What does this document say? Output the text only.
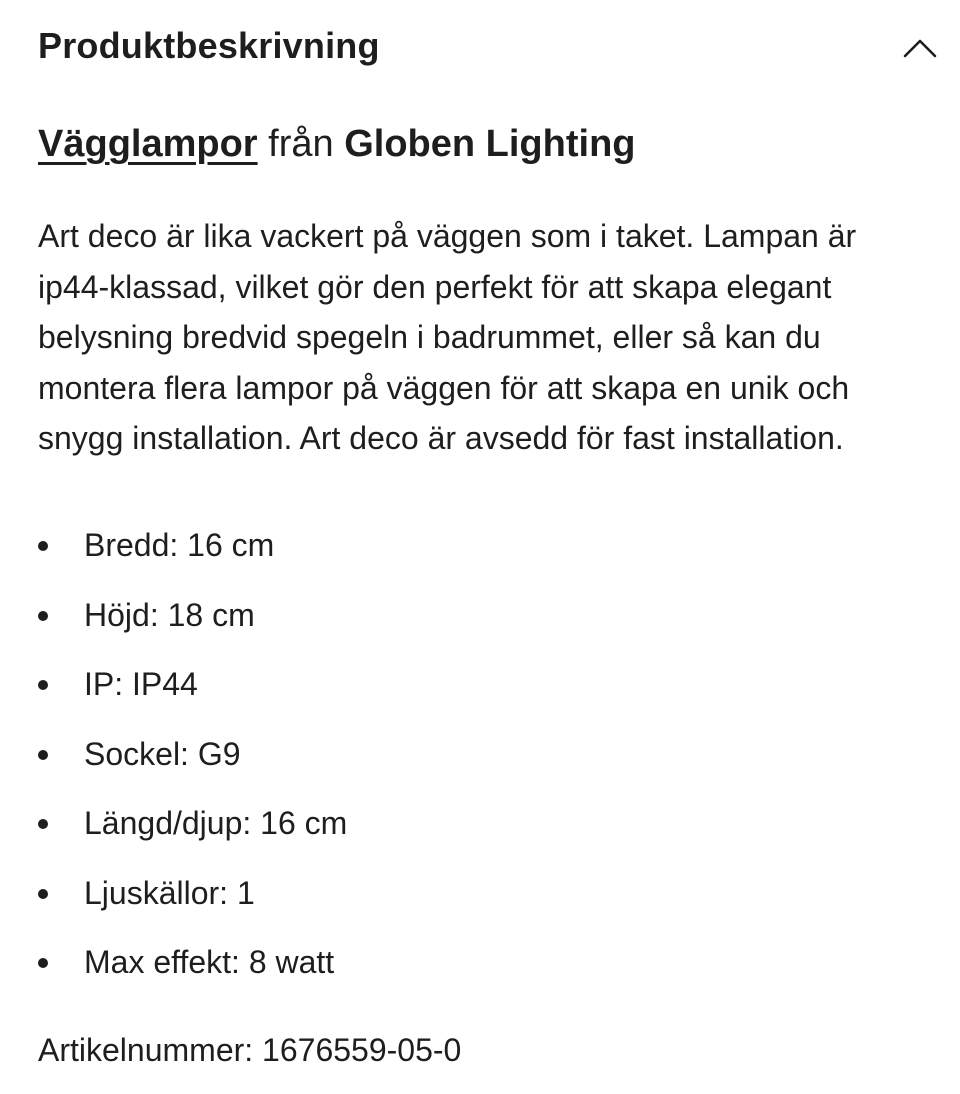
Produktbeskrivning
Vägglampor från Globen Lighting

Art deco är lika vackert på väggen som i taket. Lampan är ip44-klassad, vilket gör den perfekt för att skapa elegant belysning bredvid spegeln i badrummet, eller så kan du montera flera lampor på väggen för att skapa en unik och snygg installation. Art deco är avsedd för fast installation.

Bredd: 16 cm
Höjd: 18 cm
IP: IP44
Sockel: G9
Längd/djup: 16 cm
Ljuskällor: 1
Max effekt: 8 watt
Artikelnummer: 1676559-05-0
